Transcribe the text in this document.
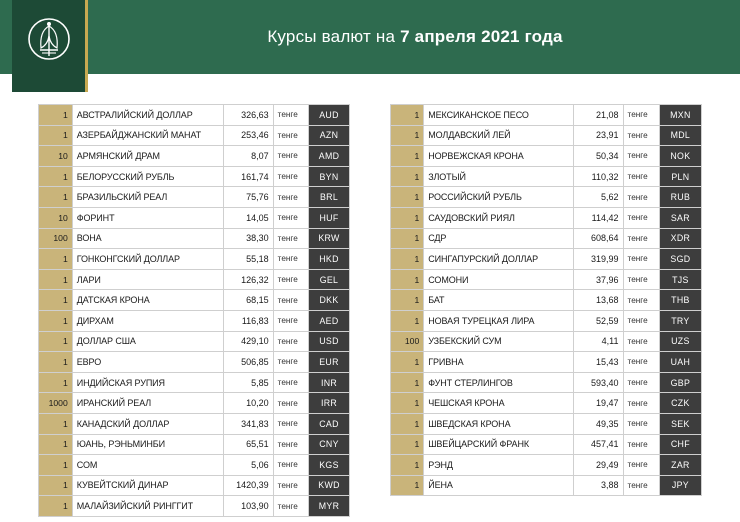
Курсы валют на 7 апреля 2021 года
1	АВСТРАЛИЙСКИЙ ДОЛЛАР	326,63	тенге	AUD
1	АЗЕРБАЙДЖАНСКИЙ МАНАТ	253,46	тенге	AZN
10	АРМЯНСКИЙ ДРАМ	8,07	тенге	AMD
1	БЕЛОРУССКИЙ РУБЛЬ	161,74	тенге	BYN
1	БРАЗИЛЬСКИЙ РЕАЛ	75,76	тенге	BRL
10	ФОРИНТ	14,05	тенге	HUF
100	ВОНА	38,30	тенге	KRW
1	ГОНКОНГСКИЙ ДОЛЛАР	55,18	тенге	HKD
1	ЛАРИ	126,32	тенге	GEL
1	ДАТСКАЯ КРОНА	68,15	тенге	DKK
1	ДИРХАМ	116,83	тенге	AED
1	ДОЛЛАР США	429,10	тенге	USD
1	ЕВРО	506,85	тенге	EUR
1	ИНДИЙСКАЯ РУПИЯ	5,85	тенге	INR
1000	ИРАНСКИЙ РЕАЛ	10,20	тенге	IRR
1	КАНАДСКИЙ ДОЛЛАР	341,83	тенге	CAD
1	ЮАНЬ, РЭНЬМИНБИ	65,51	тенге	CNY
1	СОМ	5,06	тенге	KGS
1	КУВЕЙТСКИЙ ДИНАР	1420,39	тенге	KWD
1	МАЛАЙЗИЙСКИЙ РИНГГИТ	103,90	тенге	MYR
1	МЕКСИКАНСКОЕ ПЕСО	21,08	тенге	MXN
1	МОЛДАВСКИЙ ЛЕЙ	23,91	тенге	MDL
1	НОРВЕЖСКАЯ КРОНА	50,34	тенге	NOK
1	ЗЛОТЫЙ	110,32	тенге	PLN
1	РОССИЙСКИЙ РУБЛЬ	5,62	тенге	RUB
1	САУДОВСКИЙ РИЯЛ	114,42	тенге	SAR
1	СДР	608,64	тенге	XDR
1	СИНГАПУРСКИЙ ДОЛЛАР	319,99	тенге	SGD
1	СОМОНИ	37,96	тенге	TJS
1	БАТ	13,68	тенге	THB
1	НОВАЯ ТУРЕЦКАЯ ЛИРА	52,59	тенге	TRY
100	УЗБЕКСКИЙ СУМ	4,11	тенге	UZS
1	ГРИВНА	15,43	тенге	UAH
1	ФУНТ СТЕРЛИНГОВ	593,40	тенге	GBP
1	ЧЕШСКАЯ КРОНА	19,47	тенге	CZK
1	ШВЕДСКАЯ КРОНА	49,35	тенге	SEK
1	ШВЕЙЦАРСКИЙ ФРАНК	457,41	тенге	CHF
1	РЭНД	29,49	тенге	ZAR
1	ЙЕНА	3,88	тенге	JPY
